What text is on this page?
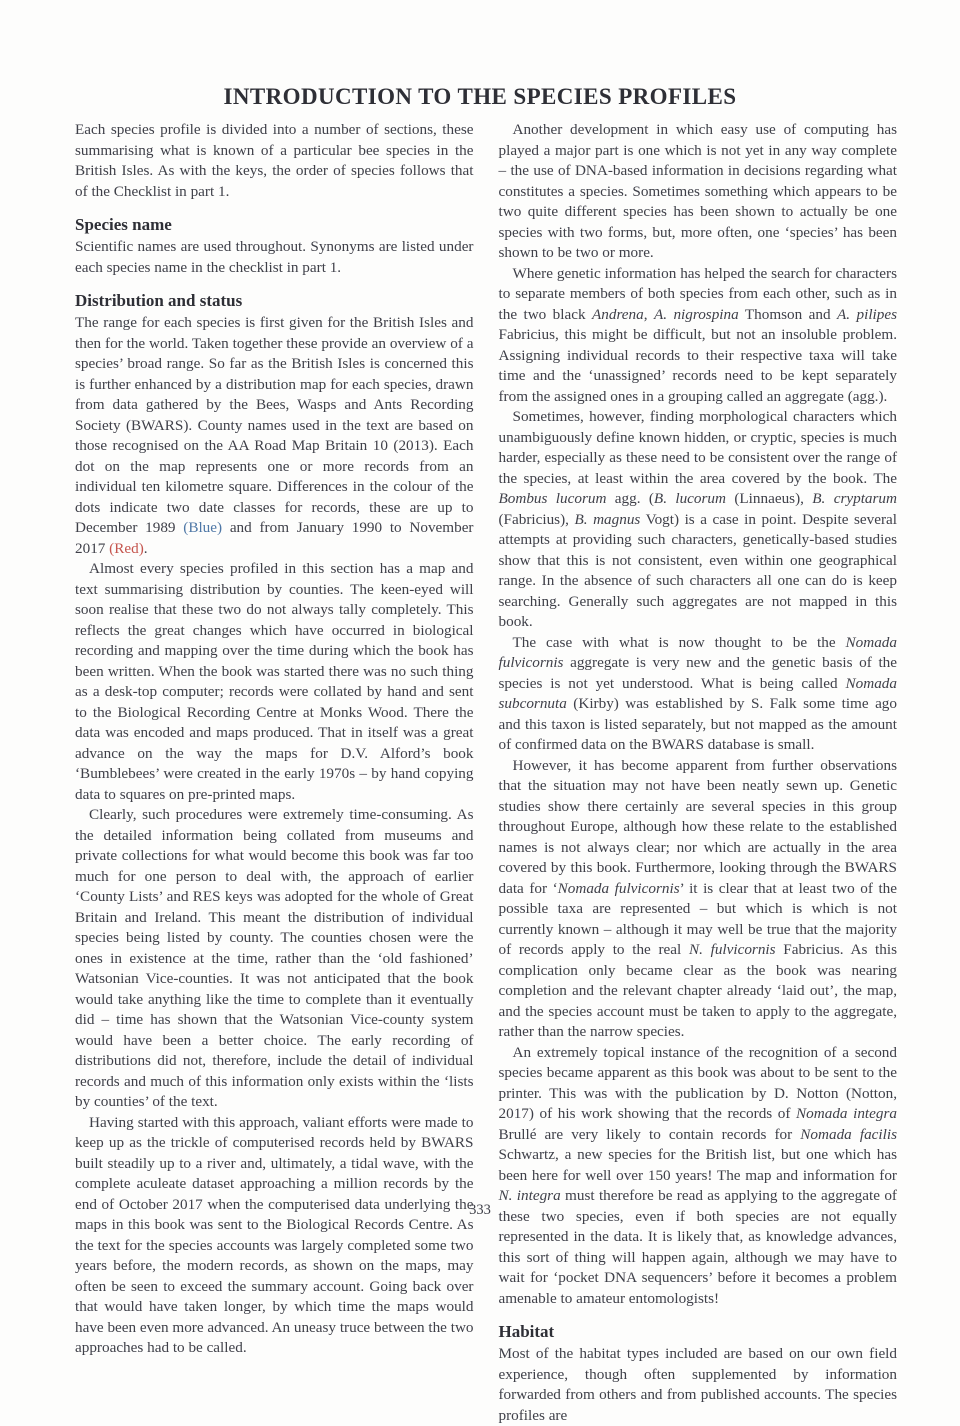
INTRODUCTION TO THE SPECIES PROFILES

Each species profile is divided into a number of sections, these summarising what is known of a particular bee species in the British Isles. As with the keys, the order of species follows that of the Checklist in part 1.

Species name

Scientific names are used throughout. Synonyms are listed under each species name in the checklist in part 1.

Distribution and status

The range for each species is first given for the British Isles and then for the world. Taken together these provide an overview of a species’ broad range. So far as the British Isles is concerned this is further enhanced by a distribution map for each species, drawn from data gathered by the Bees, Wasps and Ants Recording Society (BWARS). County names used in the text are based on those recognised on the AA Road Map Britain 10 (2013). Each dot on the map represents one or more records from an individual ten kilometre square. Differences in the colour of the dots indicate two date classes for records, these are up to December 1989 (Blue) and from January 1990 to November 2017 (Red).

Almost every species profiled in this section has a map and text summarising distribution by counties. The keen-eyed will soon realise that these two do not always tally completely. This reflects the great changes which have occurred in biological recording and mapping over the time during which the book has been written. When the book was started there was no such thing as a desk-top computer; records were collated by hand and sent to the Biological Recording Centre at Monks Wood. There the data was encoded and maps produced. That in itself was a great advance on the way the maps for D.V. Alford’s book ‘Bumblebees’ were created in the early 1970s – by hand copying data to squares on pre-printed maps.

Clearly, such procedures were extremely time-consuming. As the detailed information being collated from museums and private collections for what would become this book was far too much for one person to deal with, the approach of earlier ‘County Lists’ and RES keys was adopted for the whole of Great Britain and Ireland. This meant the distribution of individual species being listed by county. The counties chosen were the ones in existence at the time, rather than the ‘old fashioned’ Watsonian Vice-counties. It was not anticipated that the book would take anything like the time to complete than it eventually did – time has shown that the Watsonian Vice-county system would have been a better choice. The early recording of distributions did not, therefore, include the detail of individual records and much of this information only exists within the ‘lists by counties’ of the text.

Having started with this approach, valiant efforts were made to keep up as the trickle of computerised records held by BWARS built steadily up to a river and, ultimately, a tidal wave, with the complete aculeate dataset approaching a million records by the end of October 2017 when the computerised data underlying the maps in this book was sent to the Biological Records Centre. As the text for the species accounts was largely completed some two years before, the modern records, as shown on the maps, may often be seen to exceed the summary account. Going back over that would have taken longer, by which time the maps would have been even more advanced. An uneasy truce between the two approaches had to be called.

Another development in which easy use of computing has played a major part is one which is not yet in any way complete – the use of DNA-based information in decisions regarding what constitutes a species. Sometimes something which appears to be two quite different species has been shown to actually be one species with two forms, but, more often, one ‘species’ has been shown to be two or more.

Where genetic information has helped the search for characters to separate members of both species from each other, such as in the two black Andrena, A. nigrospina Thomson and A. pilipes Fabricius, this might be difficult, but not an insoluble problem. Assigning individual records to their respective taxa will take time and the ‘unassigned’ records need to be kept separately from the assigned ones in a grouping called an aggregate (agg.).

Sometimes, however, finding morphological characters which unambiguously define known hidden, or cryptic, species is much harder, especially as these need to be consistent over the range of the species, at least within the area covered by the book. The Bombus lucorum agg. (B. lucorum (Linnaeus), B. cryptarum (Fabricius), B. magnus Vogt) is a case in point. Despite several attempts at providing such characters, genetically-based studies show that this is not consistent, even within one geographical range. In the absence of such characters all one can do is keep searching. Generally such aggregates are not mapped in this book.

The case with what is now thought to be the Nomada fulvicornis aggregate is very new and the genetic basis of the species is not yet understood. What is being called Nomada subcornuta (Kirby) was established by S. Falk some time ago and this taxon is listed separately, but not mapped as the amount of confirmed data on the BWARS database is small.

However, it has become apparent from further observations that the situation may not have been neatly sewn up. Genetic studies show there certainly are several species in this group throughout Europe, although how these relate to the established names is not always clear; nor which are actually in the area covered by this book. Furthermore, looking through the BWARS data for ‘Nomada fulvicornis’ it is clear that at least two of the possible taxa are represented – but which is which is not currently known – although it may well be true that the majority of records apply to the real N. fulvicornis Fabricius. As this complication only became clear as the book was nearing completion and the relevant chapter already ‘laid out’, the map, and the species account must be taken to apply to the aggregate, rather than the narrow species.

An extremely topical instance of the recognition of a second species became apparent as this book was about to be sent to the printer. This was with the publication by D. Notton (Notton, 2017) of his work showing that the records of Nomada integra Brullé are very likely to contain records for Nomada facilis Schwartz, a new species for the British list, but one which has been here for well over 150 years! The map and information for N. integra must therefore be read as applying to the aggregate of these two species, even if both species are not equally represented in the data. It is likely that, as knowledge advances, this sort of thing will happen again, although we may have to wait for ‘pocket DNA sequencers’ before it becomes a problem amenable to amateur entomologists!

Habitat

Most of the habitat types included are based on our own field experience, though often supplemented by information forwarded from others and from published accounts. The species profiles are

333
